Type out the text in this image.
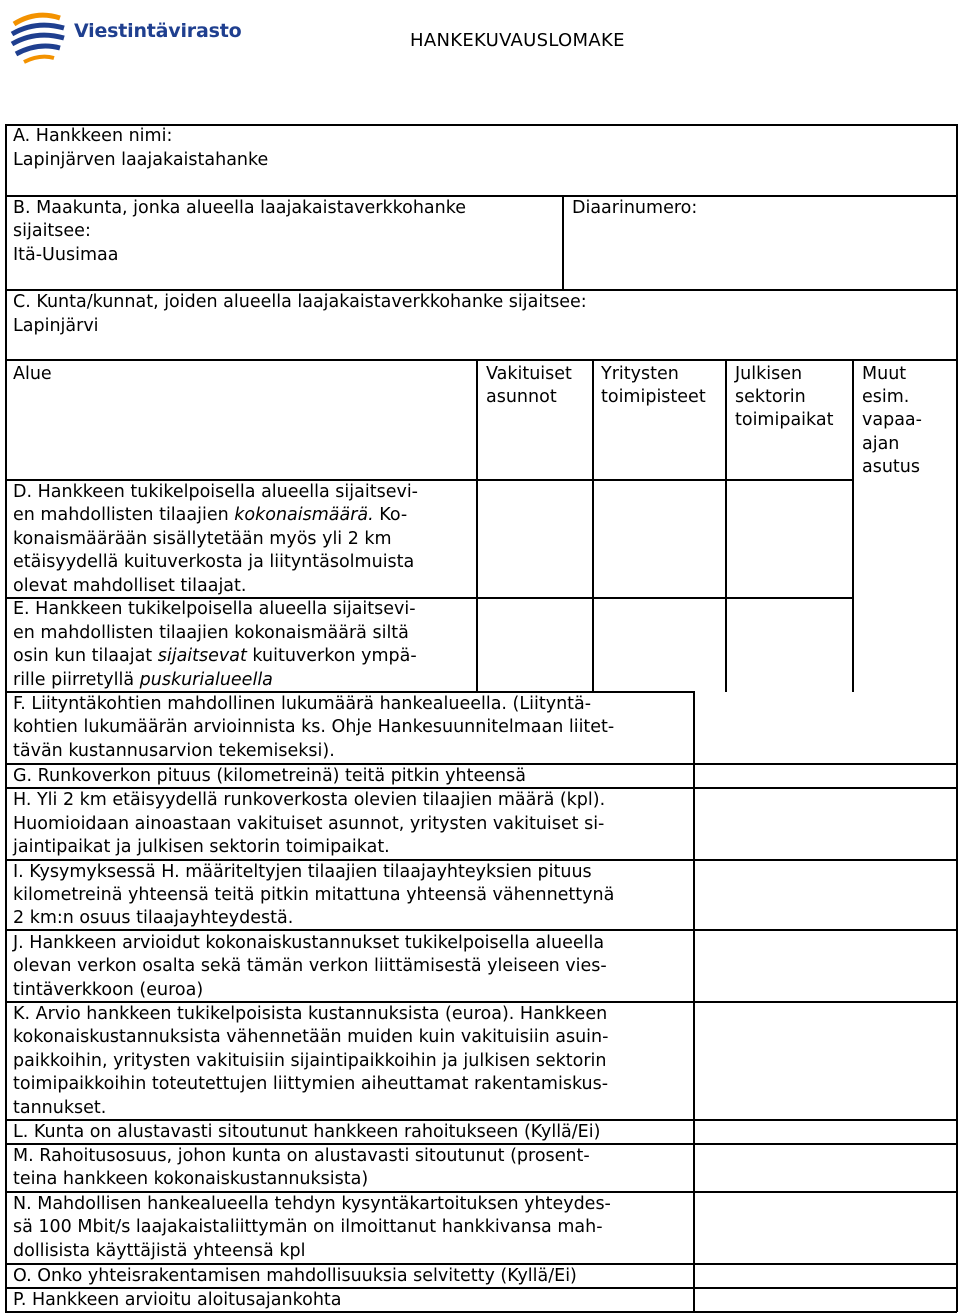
Viestintävirasto	HANKEKUVAUSLOMAKE
A. Hankkeen nimi:
Lapinjärven laajakaistahanke
B. Maakunta, jonka alueella laajakaistaverkkohanke
sijaitsee:
Itä-Uusimaa
Diaarinumero:
C. Kunta/kunnat, joiden alueella laajakaistaverkkohanke sijaitsee:
Lapinjärvi
Alue	Vakituiset
asunnot
Yritysten
toimipisteet
Julkisen
sektorin
toimipaikat
Muut
esim.
vapaa-
ajan
asutus
D. Hankkeen tukikelpoisella alueella sijaitsevi-
en mahdollisten tilaajien kokonaismäärä. Ko-
konaismäärään sisällytetään myös yli 2 km
etäisyydellä kuituverkosta ja liityntäsolmuista
olevat mahdolliset tilaajat.
E. Hankkeen tukikelpoisella alueella sijaitsevi-
en mahdollisten tilaajien kokonaismäärä siltä
osin kun tilaajat sijaitsevat kuituverkon ympä-
rille piirretyllä puskurialueella
F. Liityntäkohtien mahdollinen lukumäärä hankealueella. (Liityntä-
kohtien lukumäärän arvioinnista ks. Ohje Hankesuunnitelmaan liitet-
tävän kustannusarvion tekemiseksi).
G. Runkoverkon pituus (kilometreinä) teitä pitkin yhteensä
H. Yli 2 km etäisyydellä runkoverkosta olevien tilaajien määrä (kpl).
Huomioidaan ainoastaan vakituiset asunnot, yritysten vakituiset si-
jaintipaikat ja julkisen sektorin toimipaikat.
I. Kysymyksessä H. määriteltyjen tilaajien tilaajayhteyksien pituus
kilometreinä yhteensä teitä pitkin mitattuna yhteensä vähennettynä
2 km:n osuus tilaajayhteydestä.
J. Hankkeen arvioidut kokonaiskustannukset tukikelpoisella alueella
olevan verkon osalta sekä tämän verkon liittämisestä yleiseen vies-
tintäverkkoon (euroa)
K. Arvio hankkeen tukikelpoisista kustannuksista (euroa). Hankkeen
kokonaiskustannuksista vähennetään muiden kuin vakituisiin asuin-
paikkoihin, yritysten vakituisiin sijaintipaikkoihin ja julkisen sektorin
toimipaikkoihin toteutettujen liittymien aiheuttamat rakentamiskus-
tannukset.
L. Kunta on alustavasti sitoutunut hankkeen rahoitukseen (Kyllä/Ei)
M. Rahoitusosuus, johon kunta on alustavasti sitoutunut (prosent-
teina hankkeen kokonaiskustannuksista)
N. Mahdollisen hankealueella tehdyn kysyntäkartoituksen yhteydes-
sä 100 Mbit/s laajakaistaliittymän on ilmoittanut hankkivansa mah-
dollisista käyttäjistä yhteensä kpl
O. Onko yhteisrakentamisen mahdollisuuksia selvitetty (Kyllä/Ei)
P. Hankkeen arvioitu aloitusajankohta
